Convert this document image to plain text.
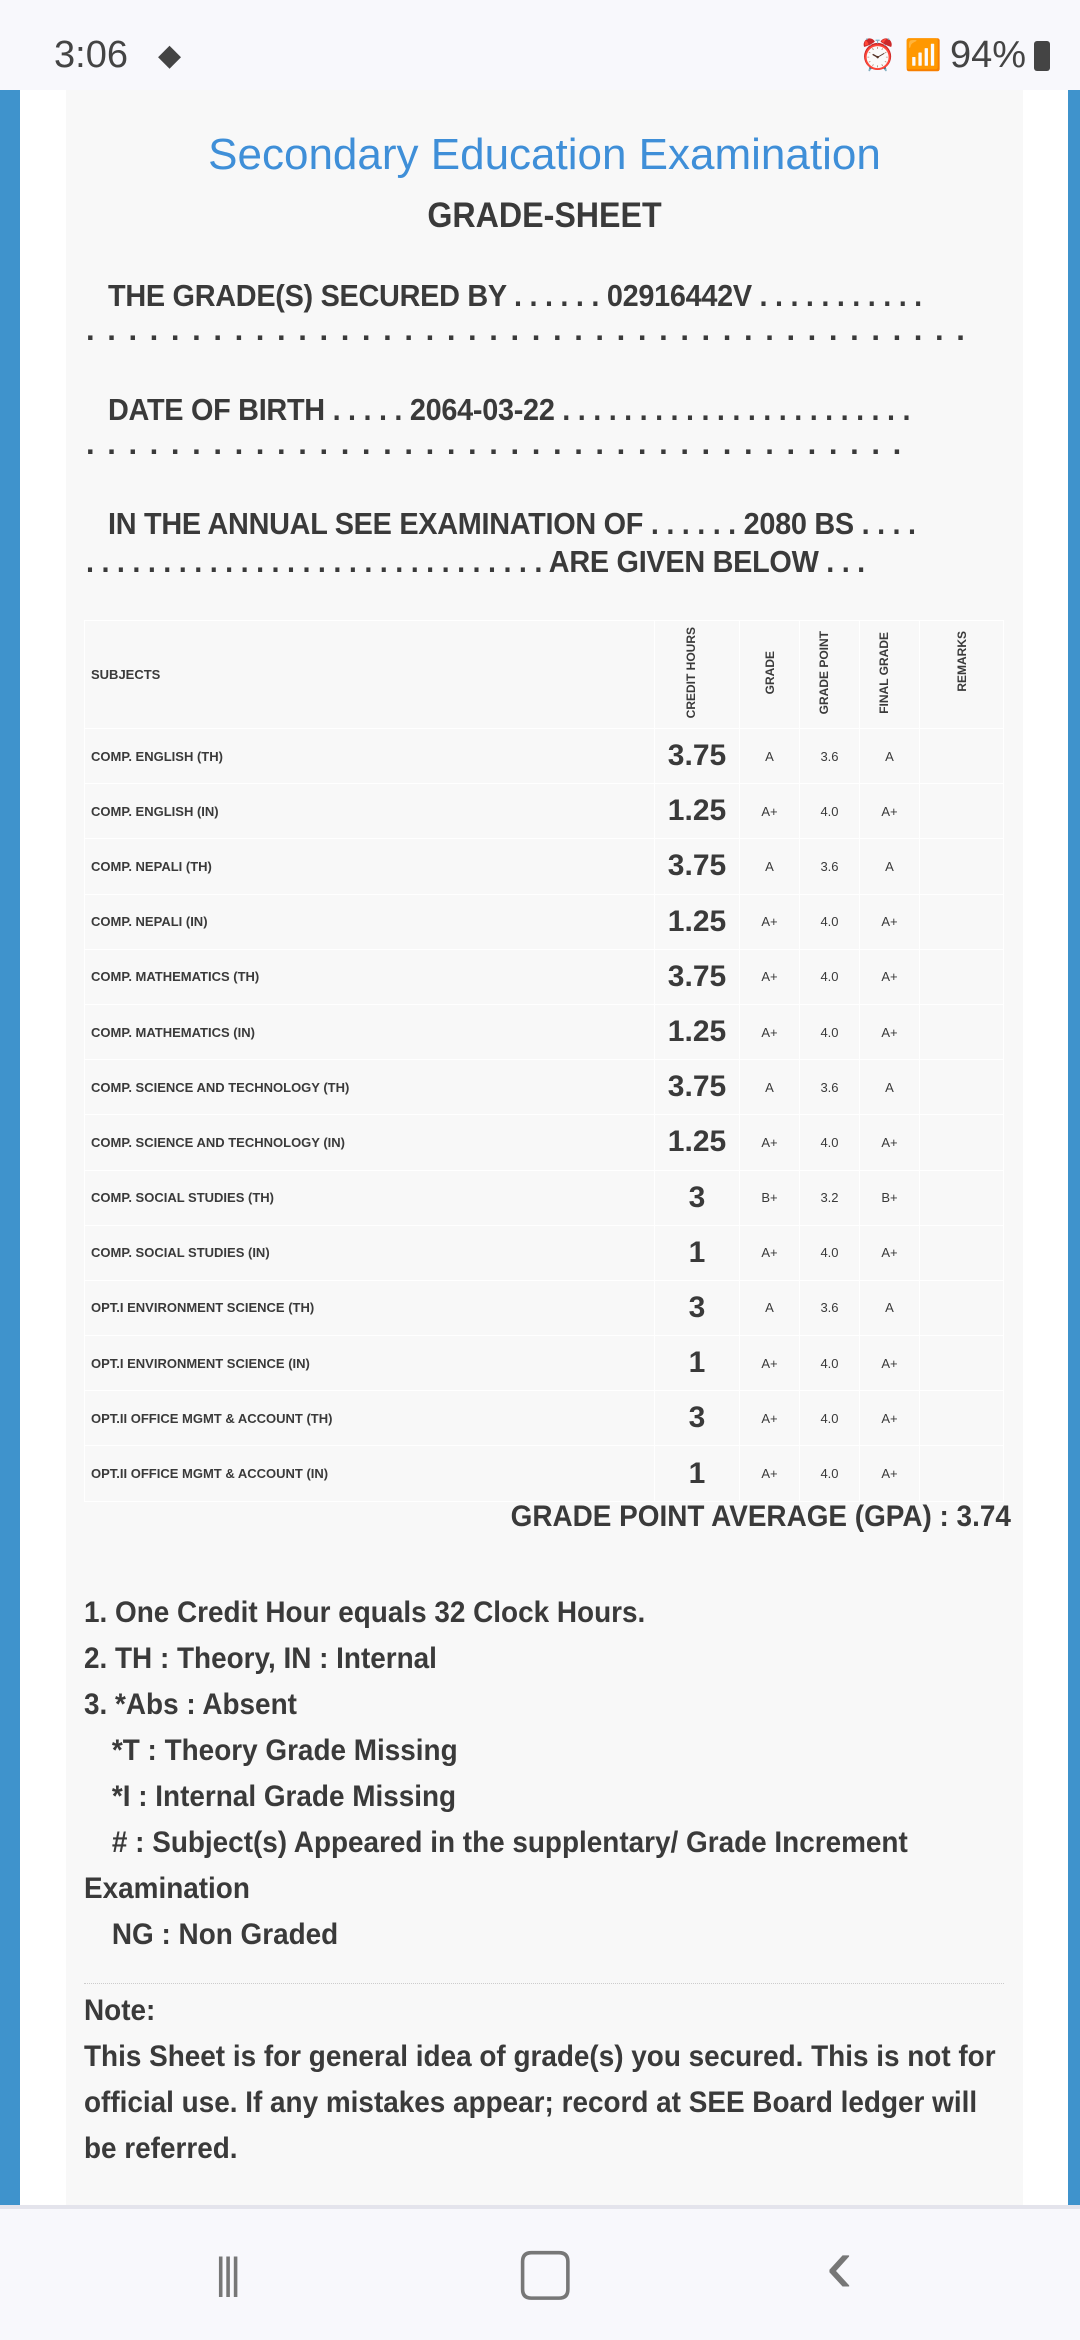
3:06 ◆	⏰ 📶 94%
Secondary Education Examination
GRADE-SHEET
THE GRADE(S) SECURED BY . . . . . . 02916442V . . . . . . . . . . .
. . . . . . . . . . . . . . . . . . . . . . . . . . . . . . . . . . . . . . . . . .
DATE OF BIRTH . . . . . 2064-03-22 . . . . . . . . . . . . . . . . . . . . . . .
. . . . . . . . . . . . . . . . . . . . . . . . . . . . . . . . . . . . . . .
IN THE ANNUAL SEE EXAMINATION OF . . . . . . 2080 BS . . . .
. . . . . . . . . . . . . . . . . . . . . . . . . . . . . . ARE GIVEN BELOW . . .
SUBJECTS	CREDIT HOURS	GRADE	GRADE POINT	FINAL GRADE	REMARKS
COMP. ENGLISH (TH)	3.75	A	3.6	A	
COMP. ENGLISH (IN)	1.25	A+	4.0	A+	
COMP. NEPALI (TH)	3.75	A	3.6	A	
COMP. NEPALI (IN)	1.25	A+	4.0	A+	
COMP. MATHEMATICS (TH)	3.75	A+	4.0	A+	
COMP. MATHEMATICS (IN)	1.25	A+	4.0	A+	
COMP. SCIENCE AND TECHNOLOGY (TH)	3.75	A	3.6	A	
COMP. SCIENCE AND TECHNOLOGY (IN)	1.25	A+	4.0	A+	
COMP. SOCIAL STUDIES (TH)	3	B+	3.2	B+	
COMP. SOCIAL STUDIES (IN)	1	A+	4.0	A+	
OPT.I ENVIRONMENT SCIENCE (TH)	3	A	3.6	A	
OPT.I ENVIRONMENT SCIENCE (IN)	1	A+	4.0	A+	
OPT.II OFFICE MGMT & ACCOUNT (TH)	3	A+	4.0	A+	
OPT.II OFFICE MGMT & ACCOUNT (IN)	1	A+	4.0	A+	
GRADE POINT AVERAGE (GPA) : 3.74
1. One Credit Hour equals 32 Clock Hours.
2. TH : Theory, IN : Internal
3. *Abs : Absent
*T : Theory Grade Missing
*I : Internal Grade Missing
# : Subject(s) Appeared in the supplentary/ Grade Increment
Examination
NG : Non Graded
Note:
This Sheet is for general idea of grade(s) you secured. This is not for official use. If any mistakes appear; record at SEE Board ledger will be referred.
|||	▢	‹
